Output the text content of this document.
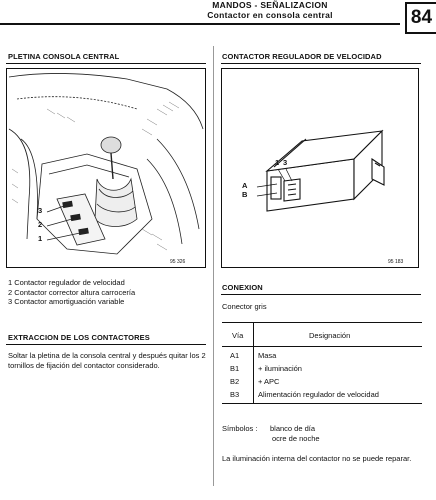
MANDOS - SEÑALIZACION
Contactor en consola central	84
PLETINA CONSOLA CENTRAL
3
2
1
95 326
1 Contactor regulador de velocidad
2 Contactor corrector altura carrocería
3 Contactor amortiguación variable
EXTRACCION DE LOS CONTACTORES
Soltar la pletina de la consola central y después quitar los 2 tornillos de fijación del contactor considerado.
CONTACTOR REGULADOR DE VELOCIDAD
A
B
1 3
95 183
CONEXION
Conector gris
Vía	Designación
A1	Masa
B1	+ iluminación
B2	+ APC
B3	Alimentación regulador de velocidad
Símbolos : blanco de día
ocre de noche
La iluminación interna del contactor no se puede reparar.
